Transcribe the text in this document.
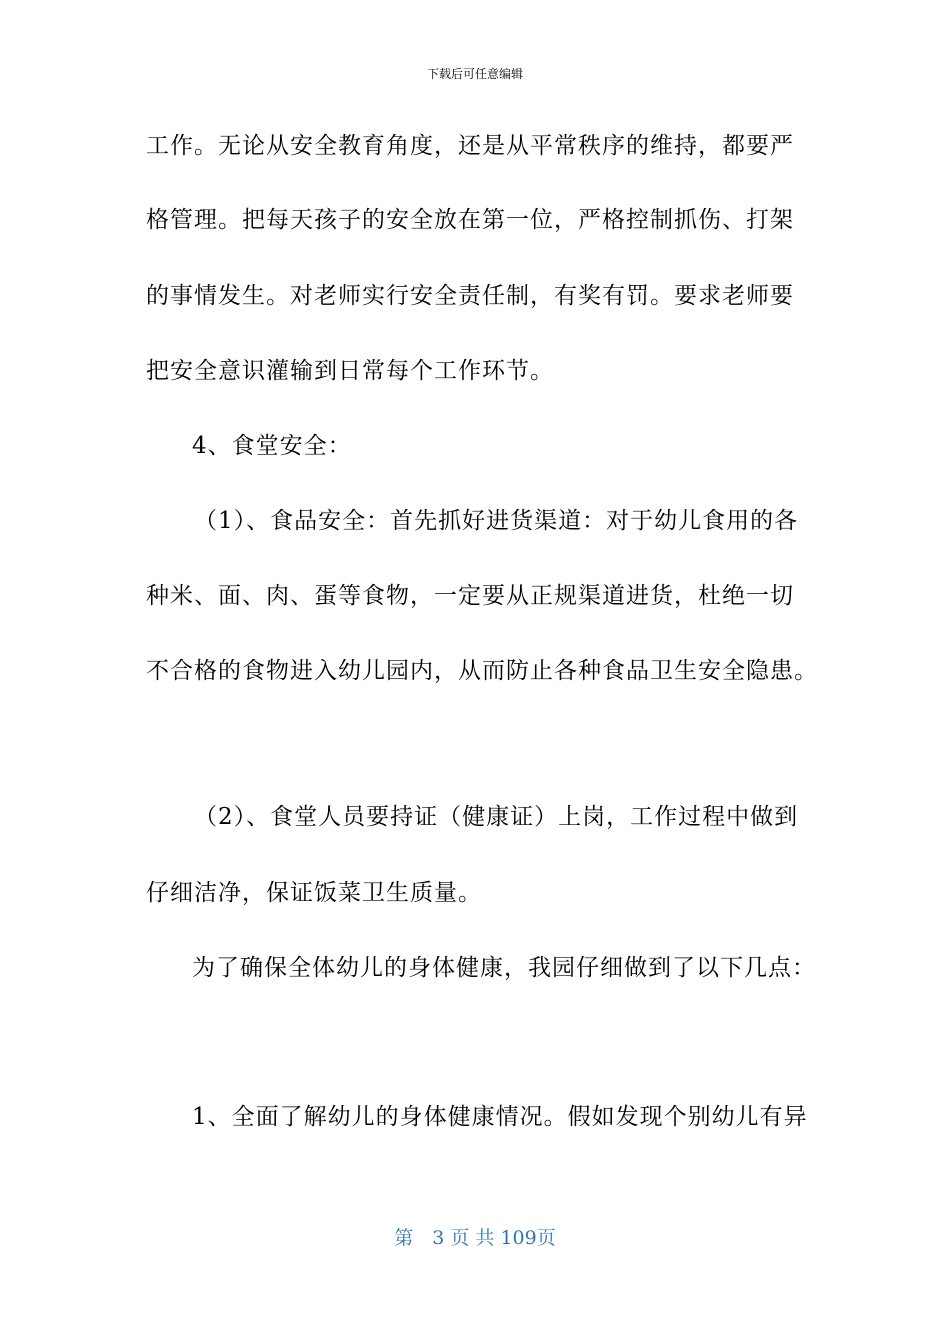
下载后可任意编辑
工作。无论从安全教育角度，还是从平常秩序的维持，都要严
格管理。把每天孩子的安全放在第一位，严格控制抓伤、打架
的事情发生。对老师实行安全责任制，有奖有罚。要求老师要
把安全意识灌输到日常每个工作环节。
4、食堂安全：
（1）、食品安全：首先抓好进货渠道：对于幼儿食用的各
种米、面、肉、蛋等食物，一定要从正规渠道进货，杜绝一切
不合格的食物进入幼儿园内，从而防止各种食品卫生安全隐患。
（2）、食堂人员要持证（健康证）上岗，工作过程中做到
仔细洁净，保证饭菜卫生质量。
为了确保全体幼儿的身体健康，我园仔细做到了以下几点：
1、全面了解幼儿的身体健康情况。假如发现个别幼儿有异
第　3 页 共 109页
